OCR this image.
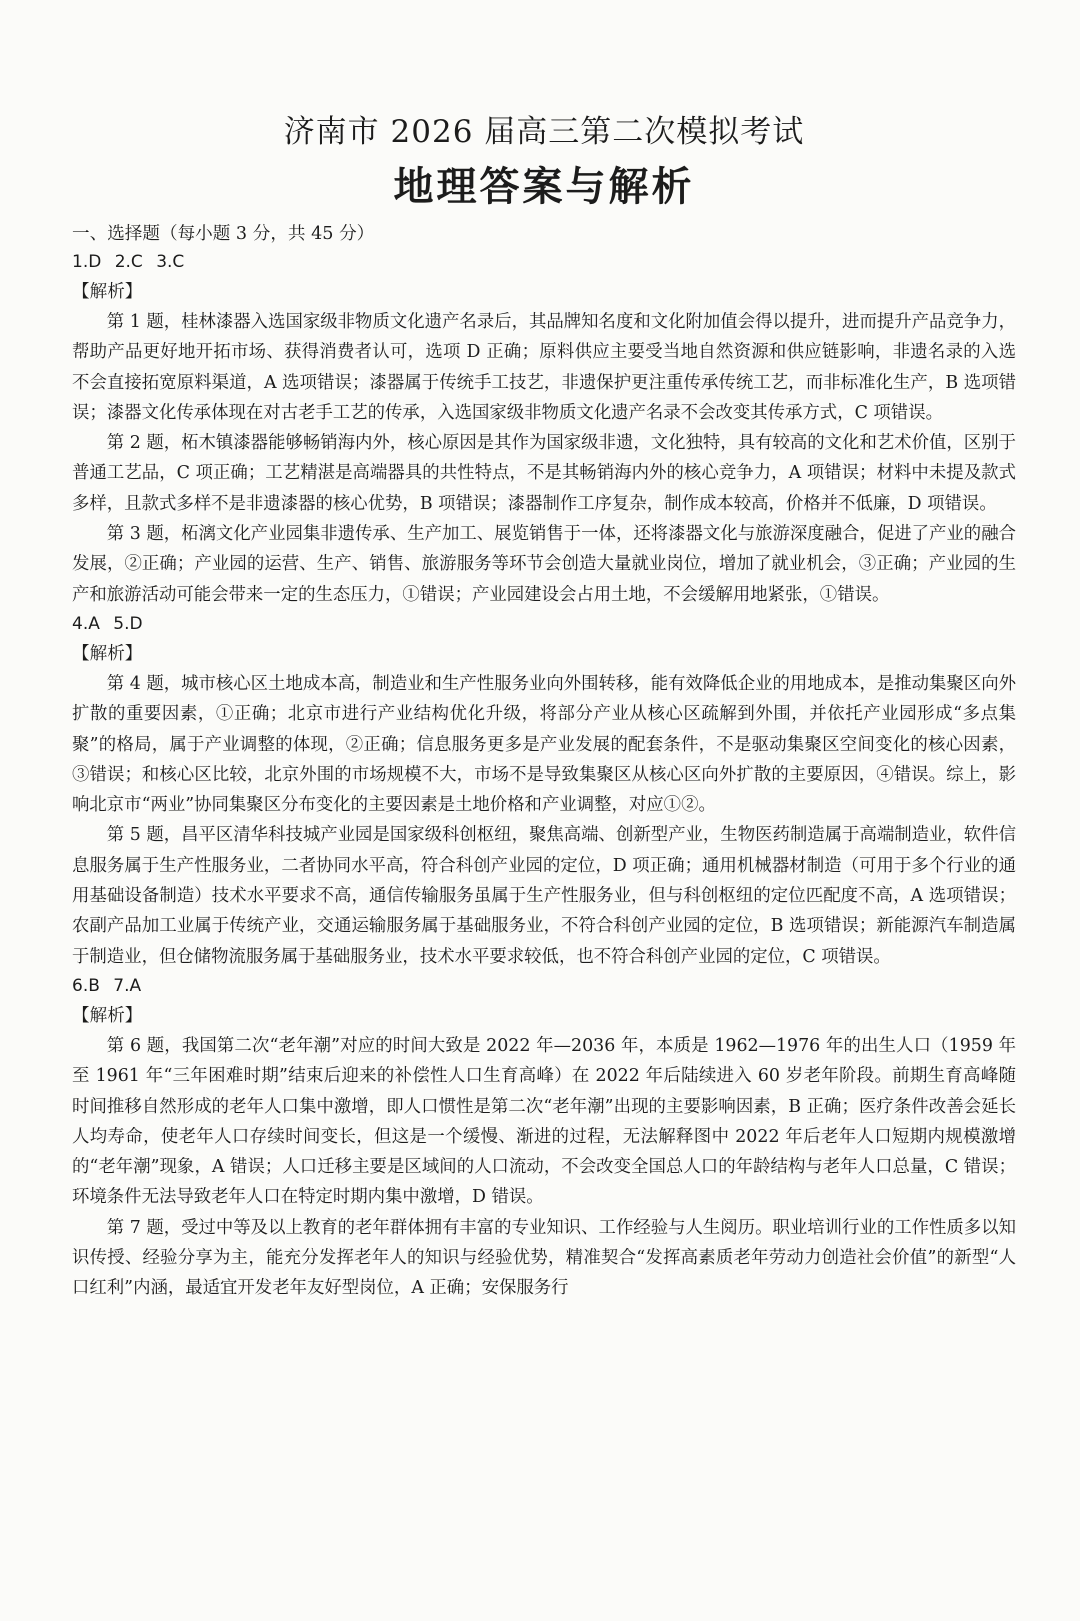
济南市 2026 届高三第二次模拟考试
地理答案与解析

一、选择题（每小题 3 分，共 45 分）

1.D 2.C 3.C

【解析】

第 1 题，桂林漆器入选国家级非物质文化遗产名录后，其品牌知名度和文化附加值会得以提升，进而提升产品竞争力，帮助产品更好地开拓市场、获得消费者认可，选项 D 正确；原料供应主要受当地自然资源和供应链影响，非遗名录的入选不会直接拓宽原料渠道，A 选项错误；漆器属于传统手工技艺，非遗保护更注重传承传统工艺，而非标准化生产，B 选项错误；漆器文化传承体现在对古老手工艺的传承，入选国家级非物质文化遗产名录不会改变其传承方式，C 项错误。

第 2 题，柘木镇漆器能够畅销海内外，核心原因是其作为国家级非遗，文化独特，具有较高的文化和艺术价值，区别于普通工艺品，C 项正确；工艺精湛是高端器具的共性特点，不是其畅销海内外的核心竞争力，A 项错误；材料中未提及款式多样，且款式多样不是非遗漆器的核心优势，B 项错误；漆器制作工序复杂，制作成本较高，价格并不低廉，D 项错误。

第 3 题，柘漓文化产业园集非遗传承、生产加工、展览销售于一体，还将漆器文化与旅游深度融合，促进了产业的融合发展，②正确；产业园的运营、生产、销售、旅游服务等环节会创造大量就业岗位，增加了就业机会，③正确；产业园的生产和旅游活动可能会带来一定的生态压力，①错误；产业园建设会占用土地，不会缓解用地紧张，①错误。

4.A 5.D

【解析】

第 4 题，城市核心区土地成本高，制造业和生产性服务业向外围转移，能有效降低企业的用地成本，是推动集聚区向外扩散的重要因素，①正确；北京市进行产业结构优化升级，将部分产业从核心区疏解到外围，并依托产业园形成“多点集聚”的格局，属于产业调整的体现，②正确；信息服务更多是产业发展的配套条件，不是驱动集聚区空间变化的核心因素，③错误；和核心区比较，北京外围的市场规模不大，市场不是导致集聚区从核心区向外扩散的主要原因，④错误。综上，影响北京市“两业”协同集聚区分布变化的主要因素是土地价格和产业调整，对应①②。

第 5 题，昌平区清华科技城产业园是国家级科创枢纽，聚焦高端、创新型产业，生物医药制造属于高端制造业，软件信息服务属于生产性服务业，二者协同水平高，符合科创产业园的定位，D 项正确；通用机械器材制造（可用于多个行业的通用基础设备制造）技术水平要求不高，通信传输服务虽属于生产性服务业，但与科创枢纽的定位匹配度不高，A 选项错误；农副产品加工业属于传统产业，交通运输服务属于基础服务业，不符合科创产业园的定位，B 选项错误；新能源汽车制造属于制造业，但仓储物流服务属于基础服务业，技术水平要求较低，也不符合科创产业园的定位，C 项错误。

6.B 7.A

【解析】

第 6 题，我国第二次“老年潮”对应的时间大致是 2022 年—2036 年，本质是 1962—1976 年的出生人口（1959 年至 1961 年“三年困难时期”结束后迎来的补偿性人口生育高峰）在 2022 年后陆续进入 60 岁老年阶段。前期生育高峰随时间推移自然形成的老年人口集中激增，即人口惯性是第二次“老年潮”出现的主要影响因素，B 正确；医疗条件改善会延长人均寿命，使老年人口存续时间变长，但这是一个缓慢、渐进的过程，无法解释图中 2022 年后老年人口短期内规模激增的“老年潮”现象，A 错误；人口迁移主要是区域间的人口流动，不会改变全国总人口的年龄结构与老年人口总量，C 错误；环境条件无法导致老年人口在特定时期内集中激增，D 错误。

第 7 题，受过中等及以上教育的老年群体拥有丰富的专业知识、工作经验与人生阅历。职业培训行业的工作性质多以知识传授、经验分享为主，能充分发挥老年人的知识与经验优势，精准契合“发挥高素质老年劳动力创造社会价值”的新型“人口红利”内涵，最适宜开发老年友好型岗位，A 正确；安保服务行
